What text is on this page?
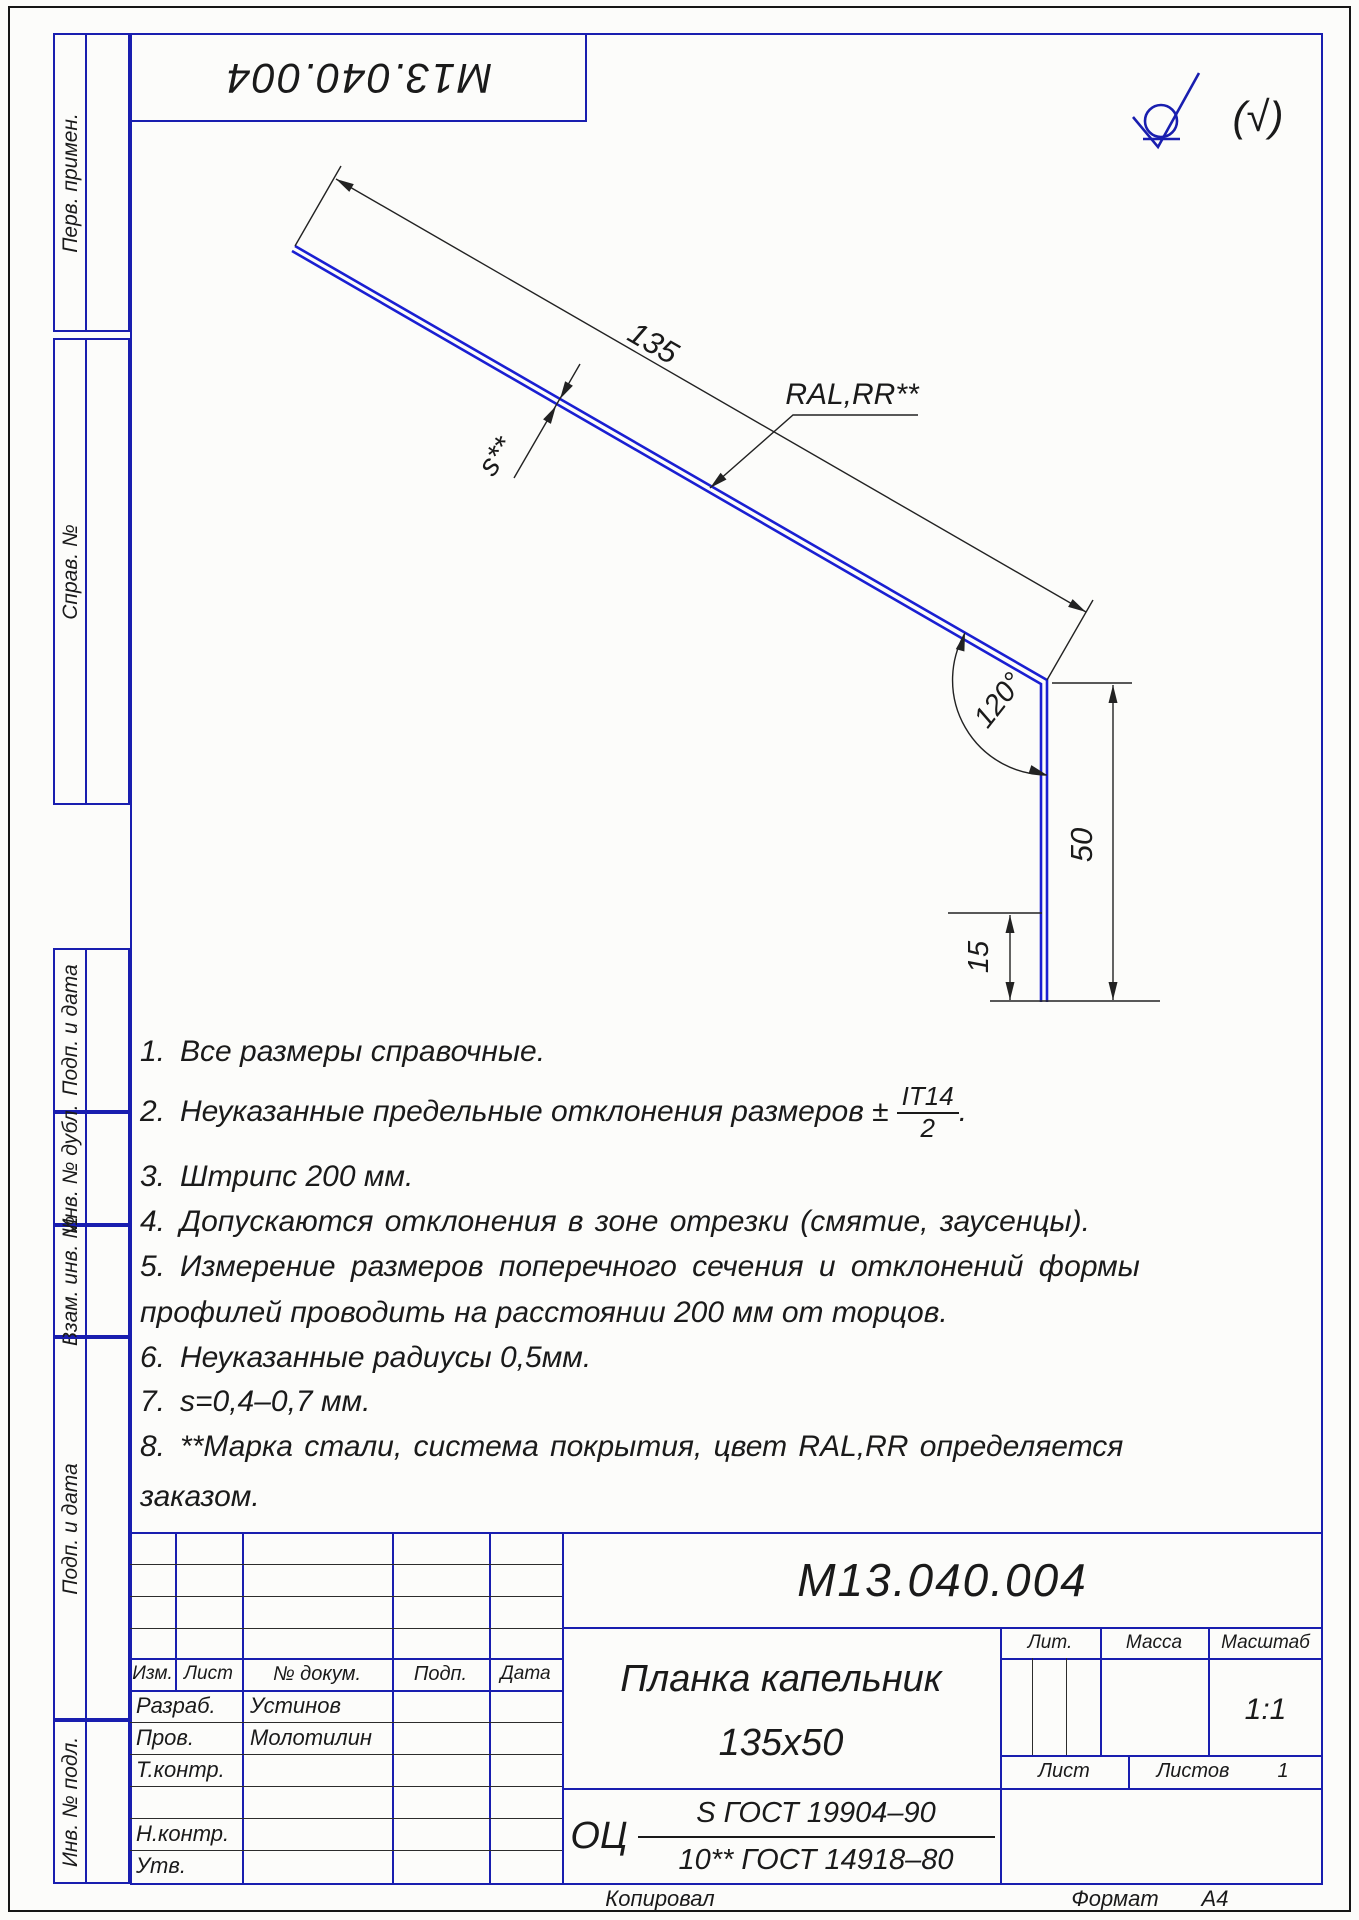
Перв. примен.
Справ. №
Подп. и дата
Инв. № дубл.
Взам. инв. №
Подп. и дата
Инв. № подл.
М13.040.004
135
RAL,RR**
s**
120°
50
15
(√)
1. Все размеры справочные.
2. Неуказанные предельные отклонения размеров ± $\frac{IT14}{2}$ .
3. Штрипс 200 мм.
4. Допускаются отклонения в зоне отрезки (смятие, заусенцы).
5. Измерение размеров поперечного сечения и отклонений формы
профилей проводить на расстоянии 200 мм от торцов.
6. Неуказанные радиусы 0,5мм.
7. s=0,4–0,7 мм.
8. **Марка стали, система покрытия, цвет RAL,RR определяется
заказом.
М13.040.004
Изм. Лист	№ докум.	Подп.	Дата
Разраб.	Устинов
Пров.	Молотилин
Т.контр.
Н.контр.
Утв.
Планка капельник
135x50
Лит.	Масса	Масштаб
1:1
Лист	Листов	1
ОЦ
S ГОСТ 19904–90
10** ГОСТ 14918–80
Копировал	Формат	А4
